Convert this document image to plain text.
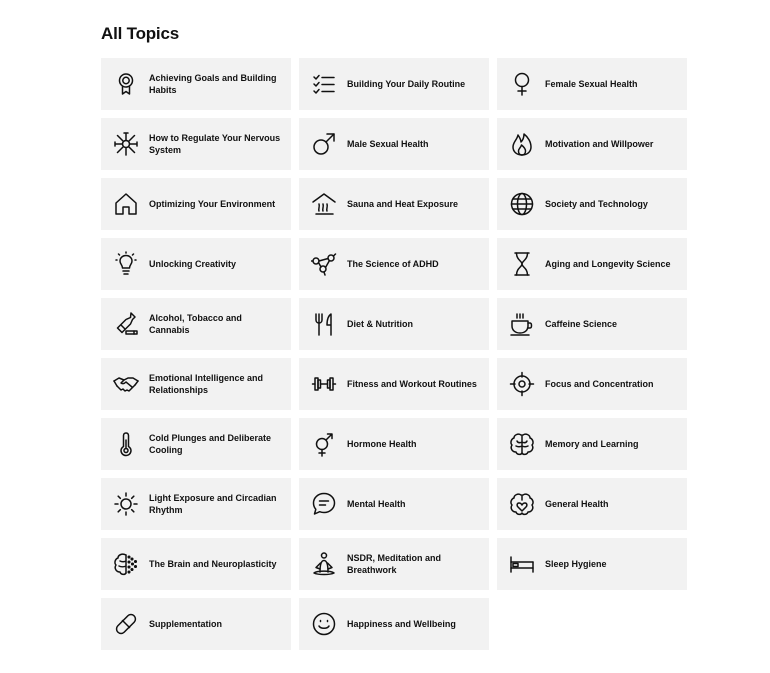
All Topics
Achieving Goals and Building Habits
Building Your Daily Routine	Female Sexual Health
How to Regulate Your Nervous System
Male Sexual Health	Motivation and Willpower
Optimizing Your Environment	Sauna and Heat Exposure	Society and Technology
Unlocking Creativity	The Science of ADHD	Aging and Longevity Science
Alcohol, Tobacco and Cannabis
Diet & Nutrition	Caffeine Science
Emotional Intelligence and Relationships
Fitness and Workout Routines	Focus and Concentration
Cold Plunges and Deliberate Cooling
Hormone Health	Memory and Learning
Light Exposure and Circadian Rhythm
Mental Health	General Health
The Brain and Neuroplasticity
NSDR, Meditation and Breathwork
Sleep Hygiene
Supplementation	Happiness and Wellbeing
